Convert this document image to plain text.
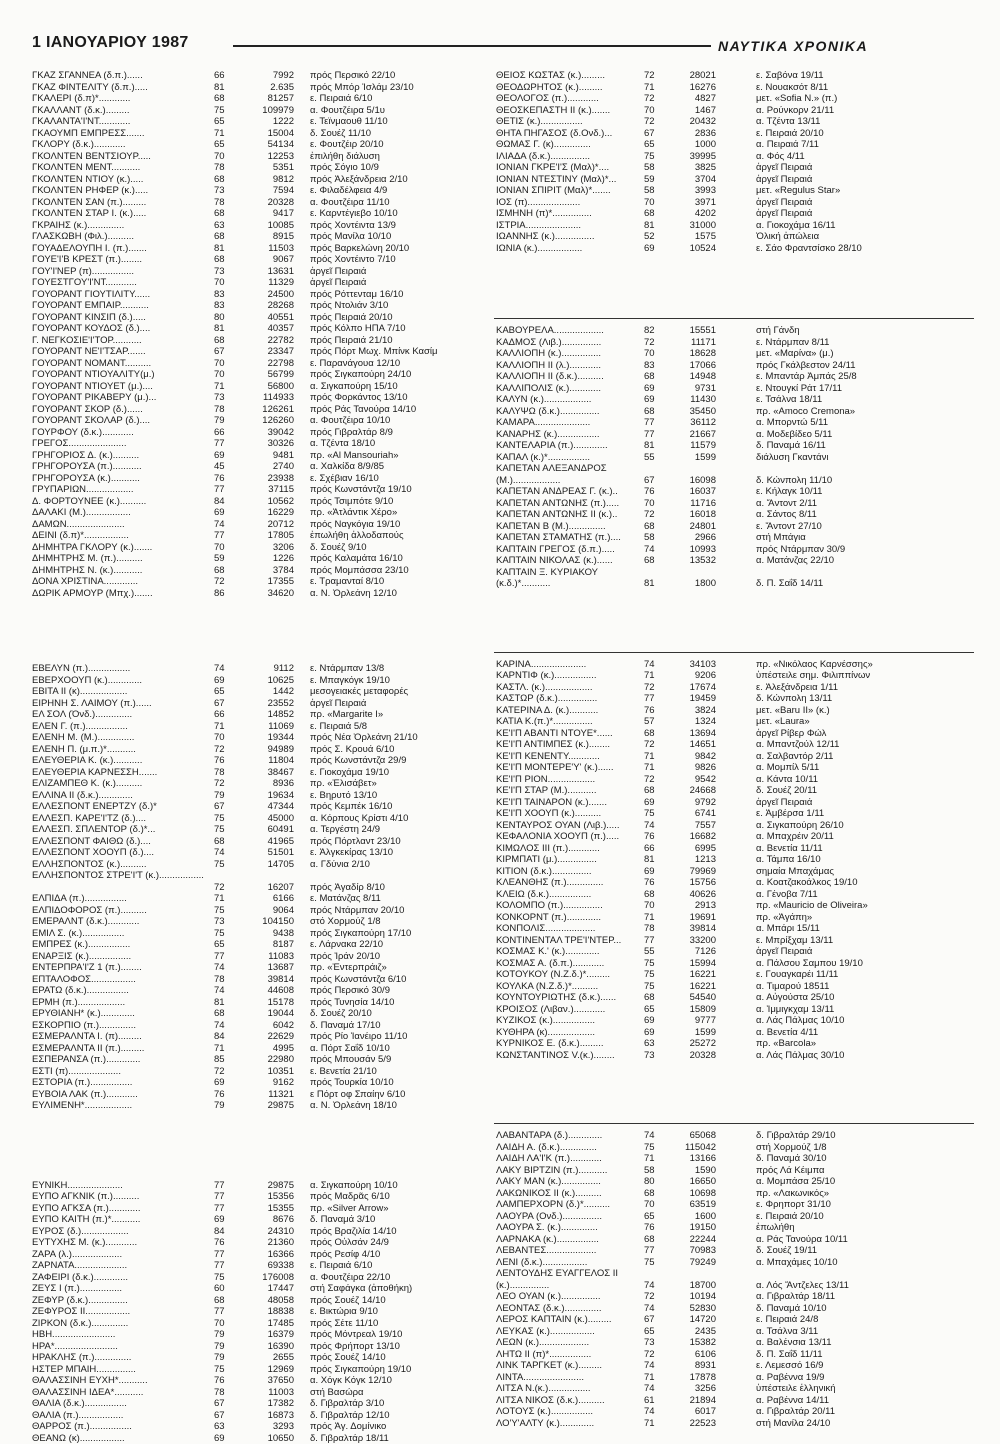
1 ΙΑΝΟΥΑΡΙΟΥ 1987	ΝΑΥΤΙΚΑ ΧΡΟΝΙΚΑ
ΓΚΑΖ ΣΓΑΝΝΕΑ (δ.π.)......	66	7992 πρός Περσικό 22/10
ΓΚΑΖ ΦΙΝΤΕΛΙΤΥ (δ.π.).....	81	2.635 πρός Μπόρ Ἰσλάμ 23/10
ΓΚΑΛΕΡΙ (δ.π)*............	68	81257 ε. Πειραιά 6/10
ΓΚΑΛΛΑΝΤ (δ.κ.).........	75	109979 α. Φουτζέιρα 5/1υ
ΓΚΑΛΑΝΤΑ'Ι'ΝΤ............	65	1222 ε. Τεϊνμαουθ 11/10
ΓΚΑΟΥΜΠ ΕΜΠΡΕΣΣ.......	71	15004 δ. Σουέζ 11/10
ΓΚΛΟΡΥ (δ.κ.)............	65	54134 ε. Φουτζέιρ 20/10
ΓΚΟΛΝΤΕΝ ΒΕΝΤΣΙΟΥΡ.....	70	12253 ἐπιλήθη διάλυση
ΓΚΟΛΝΤΕΝ ΜΕΝΤ...........	78	5351 πρός Σόγιο 10/9
ΓΚΟΛΝΤΕΝ ΝΤΙΟΥ (κ.).....	68	9812 πρός Ἀλεξάνδρεια 2/10
ΓΚΟΛΝΤΕΝ ΡΗΦΕΡ (κ.).....	73	7594 ε. Φιλαδέλφεια 4/9
ΓΚΟΛΝΤΕΝ ΣΑΝ (π.).........	78	20328 α. Φουτζέιρα 11/10
ΓΚΟΛΝΤΕΝ ΣΤΑΡ Ι. (κ.).....	68	9417 ε. Καρντέγιεβο 10/10
ΓΚΡΑΙΗΣ (κ.)..............	63	10085 πρός Χοντέιντα 13/9
ΓΛΑΣΚΩΒΗ (Φιλ.)..........	68	8915 πρός Μανίλα 10/10
ΓΟΥΑΔΕΛΟΥΠΗ Ι. (π.).......	81	11503 πρός Βαρκελώνη 20/10
ΓΟΥΕ'Ι'Β ΚΡΕΣΤ (π.)........	68	9067 πρός Χοντέιντο 7/10
ΓΟΥ'Ι'ΝΕΡ (π)................	73	13631 ἀργεῖ Πειραιά
ΓΟΥΕΣΤΓΟΥ'Ι'ΝΤ............	70	11329 ἀργεῖ Πειραιά
ΓΟΥΟΡΑΝΤ ΓΙΟΥΤΙΛΙΤΥ......	83	24500 πρός Ρόττενταμ 16/10
ΓΟΥΟΡΑΝΤ ΕΜΠΑΙΡ...........	83	28268 πρός Ντολιάν 3/10
ΓΟΥΟΡΑΝΤ ΚΙΝΣΙΠ (δ.).....	80	40551 πρός Πειραιά 20/10
ΓΟΥΟΡΑΝΤ ΚΟΥΔΟΣ (δ.)....	81	40357 πρός Κόλπο ΗΠΑ 7/10
Γ. ΝΕΓΚΟΣΙΕ'Ι'ΤΟΡ...........	68	22782 πρός Πειραιά 21/10
ΓΟΥΟΡΑΝΤ ΝΕ'Ι'ΤΣΑΡ.......	67	23347 πρός Πόρτ Μωχ. Μπίνκ Κασίμ
ΓΟΥΟΡΑΝΤ ΝΟΜΑΝΤ..........	70	22798 ε. Παρανάγουα 12/10
ΓΟΥΟΡΑΝΤ ΝΤΙΟΥΑΛΙΤΥ(μ.)	70	56799 πρός Σιγκαπούρη 24/10
ΓΟΥΟΡΑΝΤ ΝΤΙΟΥΕΤ (μ.)....	71	56800 α. Σιγκαπούρη 15/10
ΓΟΥΟΡΑΝΤ ΡΙΚΑΒΕΡΥ (μ.)...	73	114933 πρός Φορκάντος 13/10
ΓΟΥΟΡΑΝΤ ΣΚΟΡ (δ.)......	78	126261 πρός Ράς Τανούρα 14/10
ΓΟΥΟΡΑΝΤ ΣΚΟΛΑΡ (δ.)....	79	126260 α. Φουτζέιρα 10/10
ΓΟΥΡΦΟΥ (δ.κ.)............	66	39042 πρός Γιβραλτάρ 8/9
ΓΡΕΓΟΣ......................	77	30326 α. Τζέντα 18/10
ΓΡΗΓΟΡΙΟΣ Δ. (κ.)..........	69	9481 πρ. «Al Mansouriah»
ΓΡΗΓΟΡΟΥΣΑ (π.)...........	45	2740 α. Χαλκίδα 8/9/85
ΓΡΗΓΟΡΟΥΣΑ (κ.)...........	76	23938 ε. Σχέβιαν 16/10
ΓΡΥΠΑΡΙΩΝ..................	77	37115 πρός Κωνστάντζα 19/10
Δ. ΦΟΡΤΟΥΝΕΕ (κ.)..........	84	10562 πρός Τσιμπότε 9/10
ΔΑΛΑΚΙ (Μ.).................	69	16229 πρ. «Ἀτλάντικ Χέρο»
ΔΑΜΩΝ......................	74	20712 πρός Ναγκόγια 19/10
ΔΕΙΝΙ (δ.π)*.................	77	17805 ἐπωλήθη ἀλλοδαπούς
ΔΗΜΗΤΡΑ ΓΚΛΟΡΥ (κ.).......	70	3206 δ. Σουέζ 9/10
ΔΗΜΗΤΡΗΣ Μ. (π.)..........	59	1226 πρός Καλαμάτα 16/10
ΔΗΜΗΤΡΗΣ Ν. (κ.)...........	68	3784 πρός Μομπάσσα 23/10
ΔΟΝΑ ΧΡΙΣΤΙΝΑ.............	72	17355 ε. Τραμανταί 8/10
ΔΩΡΙΚ ΑΡΜΟΥΡ (Μπχ.).......	86	34620 α. Ν. Ὀρλεάνη 12/10
ΕΒΕΛΥΝ (π.)................	74	9112 ε. Ντάρμπαν 13/8
ΕΒΕΡΧΟΟΥΠ (κ.).............	69	10625 ε. Μπαγκόγκ 19/10
ΕΒΙΤΑ ΙΙ (κ)..................	65	1442 μεσογειακές μεταφορές
ΕΙΡΗΝΗ Σ. ΛΑΙΜΟΥ (π.)......	67	23552 ἀργεῖ Πειραιά
ΕΛ ΣΟΛ (Ὀνδ.)..............	66	14852 πρ. «Margarite I»
ΕΛΕΝ Γ. (π.)................	71	11069 ε. Πειραιά 5/8
ΕΛΕΝΗ Μ. (Μ.)..............	70	19344 πρός Νέα Ὀρλεάνη 21/10
ΕΛΕΝΗ Π. (μ.π.)*...........	72	94989 πρός Σ. Κρουά 6/10
ΕΛΕΥΘΕΡΙΑ Κ. (κ.)...........	76	11804 πρός Κωνστάντζα 29/9
ΕΛΕΥΘΕΡΙΑ ΚΑΡΝΕΣΣΗ.......	78	38467 ε. Γιοκοχάμα 19/10
ΕΛΙΖΑΜΠΕΘ Κ. (κ.)..........	72	8936 πρ. «Ἐλισάβετ»
ΕΛΛΙΝΑ ΙΙ (δ.κ.).............	79	19634 ε. Βηρυτό 13/10
ΕΛΛΕΣΠΟΝΤ ΕΝΕΡΤΖΥ (δ.)*	67	47344 πρός Κεμπέκ 16/10
ΕΛΛΕΣΠ. ΚΑΡΕ'Ι'ΤΖ (δ.)....	75	45000 α. Κόρπους Κρίστι 4/10
ΕΛΛΕΣΠ. ΣΠΛΕΝΤΟΡ (δ.)*...	75	60491 α. Τεργέστη 24/9
ΕΛΛΕΣΠΟΝΤ ΦΑΙΘΩ (δ.)....	68	41965 πρός Πόρτλαντ 23/10
ΕΛΛΕΣΠΟΝΤ ΧΟΟΥΠ (δ.)....	74	51501 ε. Ἀλγκεκίρας 13/10
ΕΛΛΗΣΠΟΝΤΟΣ (κ.)..........	75	14705 α. Γδύνια 2/10
ΕΛΛΗΣΠΟΝΤΟΣ ΣΤΡΕ'Ι'Τ (κ.).................
72	16207 πρός Ἀγαδίρ 8/10
ΕΛΠΙΔΑ (π.)................	71	6166 ε. Ματάνζας 8/11
ΕΛΠΙΔΟΦΟΡΟΣ (π.)..........	75	9064 πρός Ντάρμπαν 20/10
ΕΜΕΡΑΛΝΤ (δ.κ.)............	73	104150 στό Χορμούζ 1/8
ΕΜΙΛ Σ. (κ.)................	75	9438 πρός Σιγκαπούρη 17/10
ΕΜΠΡΕΣ (κ.)................	65	8187 ε. Λάρνακα 22/10
ΕΝΑΡΞΙΣ (κ.)................	77	11083 πρός Ἰράν 20/10
ΕΝΤΕΡΠΡΑ'Ι'Ζ 1 (π.)........	74	13687 πρ. «Ἐντερπράιζ»
ΕΠΤΑΛΟΦΟΣ.................	78	39814 πρός Κωνστάντζα 6/10
ΕΡΑΤΩ (δ.κ.)................	74	44608 πρός Περσικό 30/9
ΕΡΜΗ (π.)..................	81	15178 πρός Τυνησία 14/10
ΕΡΥΘΙΑΝΗ* (κ.).............	68	19044 δ. Σουέζ 20/10
ΕΣΚΟΡΠΙΟ (π.)..............	74	6042 δ. Παναμά 17/10
ΕΣΜΕΡΑΛΝΤΑ Ι. (π).........	84	22629 πρός Ρίο Ἰανέιρο 11/10
ΕΣΜΕΡΑΛΝΤΑ ΙΙ (π.).........	71	4995 α. Πόρτ Σαΐδ 10/10
ΕΣΠΕΡΑΝΣΑ (π.).............	85	22980 πρός Μπουσάν 5/9
ΕΣΤΙ (π)....................	72	10351 ε. Βενετία 21/10
ΕΣΤΟΡΙΑ (π.)................	69	9162 πρός Τουρκία 10/10
ΕΥΒΟΙΑ ΛΑΚ (π.)............	76	11321 ε Πόρτ οφ Σπαίην 6/10
ΕΥΛΙΜΕΝΗ*..................	79	29875 α. Ν. Ὀρλεάνη 18/10
ΕΥΝΙΚΗ.....................	77	29875 α. Σιγκαπούρη 10/10
ΕΥΠΟ ΑΓΚΝΙΚ (π.)..........	77	15356 πρός Μαδρᾶς 6/10
ΕΥΠΟ ΑΓΚΣΑ (π.)............	77	15355 πρ. «Silver Arrow»
ΕΥΠΟ ΚΑΙΤΗ (π.)*...........	69	8676 δ. Παναμά 3/10
ΕΥΡΟΣ (δ.)..................	84	24310 πρός Βραζιλία 14/10
ΕΥΤΥΧΗΣ Μ. (κ.)............	76	21360 πρός Οὐλσάν 24/9
ΖΑΡΑ (λ.)...................	77	16366 πρός Ρεσίφ 4/10
ΖΑΡΝΑΤΑ....................	77	69338 ε. Πειραιά 6/10
ΖΑΦΕΙΡΙ (δ.κ.).............	75	176008 α. Φουτζέιρα 22/10
ΖΕΥΣ Ι (π.)................	60	17447 στή Σαφάγκα (ἀποθήκη)
ΖΕΦΥΡ (δ.κ.)...............	68	48058 πρός Σουέζ 14/10
ΖΕΦΥΡΟΣ ΙΙ.................	77	18838 ε. Βικτώρια 9/10
ΖΙΡΚΟΝ (δ.κ.)..............	70	17485 πρός Σέτε 11/10
ΗΒΗ........................	79	16379 πρός Μόντρεαλ 19/10
ΗΡΑ*........................	79	16390 πρός Φρήπορτ 13/10
ΗΡΑΚΛΗΣ (π.)..............	79	2655 πρός Σουέζ 14/10
ΗΣΤΕΡ ΜΠΑΙΗ...............	75	12969 πρός Σιγκαπούρη 19/10
ΘΑΛΑΣΣΙΝΗ ΕΥΧΗ*...........	76	37650 α. Χόγκ Κόγκ 12/10
ΘΑΛΑΣΣΙΝΗ ΙΔΕΑ*...........	78	11003 στή Βασώρα
ΘΑΛΙΑ (δ.κ.)................	67	17382 δ. Γιβραλτάρ 3/10
ΘΑΛΙΑ (π.).................	67	16873 δ. Γιβραλτάρ 12/10
ΘΑΡΡΟΣ (π.)................	63	3293 πρός Ἁγ. Δομίνικο
ΘΕΑΝΩ (κ).................	69	10650 δ. Γιβραλτάρ 18/11
ΘΕΙΟΣ ΚΩΣΤΑΣ (κ.).........	72	28021	ε. Σαβόνα 19/11
ΘΕΟΔΩΡΗΤΟΣ (κ.).........	71	16276	ε. Νουακσότ 8/11
ΘΕΟΛΟΓΟΣ (π.)............	72	4827	μετ. «Sofia N.» (π.)
ΘΕΟΣΚΕΠΑΣΤΗ ΙΙ (κ.).......	70	1467	α. Ρούνκορν 21/11
ΘΕΤΙΣ (κ.)................	72	20432	α. Τζέντα 13/11
ΘΗΤΑ ΠΗΓΑΣΟΣ (δ.Ονδ.)...	67	2836	ε. Πειραιά 20/10
ΘΩΜΑΣ Γ. (κ)..............	65	1000	α. Πειραιά 7/11
ΙΛΙΑΔΑ (δ.κ.)...............	75	39995	α. Φός 4/11
ΙΟΝΙΑΝ ΓΚΡΕ'Ι'Σ (Μαλ)*....	58	3825	ἀργεῖ Πειραιά
ΙΟΝΙΑΝ ΝΤΕΣΤΙΝΥ (Μαλ)*...	59	3704	ἀργεῖ Πειραιά
ΙΟΝΙΑΝ ΣΠΙΡΙΤ (Μαλ)*.......	58	3993	μετ. «Regulus Star»
ΙΟΣ (π)....................	70	3971	ἀργεῖ Πειραιά
ΙΣΜΗΝΗ (π)*...............	68	4202	ἀργεῖ Πειραιά
ΙΣΤΡΙΑ.....................	81	31000	α. Γιοκοχάμα 16/11
ΙΩΑΝΝΗΣ (κ.)...............	52	1575	Ὁλική ἀπώλεια
ΙΩΝΙΑ (κ.).................	69	10524	ε. Σάο Φραντσίσκο 28/10
ΚΑΒΟΥΡΕΛΑ...................	82	15551	στή Γάνδη
ΚΑΔΜΟΣ (Λιβ.)...............	72	11171	ε. Ντάρμπαν 8/11
ΚΑΛΛΙΟΠΗ (κ.)...............	70	18628	μετ. «Μαρίνα» (μ.)
ΚΑΛΛΙΟΠΗ ΙΙ (λ.)............	83	17066	πρός Γκάλβεστον 24/11
ΚΑΛΛΙΟΠΗ ΙΙ (δ.κ.)..........	68	14948	ε. Μπαντάρ Ἀμπάς 25/8
ΚΑΛΛΙΠΟΛΙΣ (κ.)............	69	9731	ε. Ντουγκί Ράτ 17/11
ΚΑΛΥΝ (κ.)..................	69	11430	ε. Τσάλνα 18/11
ΚΑΛΥΨΩ (δ.κ.)...............	68	35450	πρ. «Amoco Cremona»
ΚΑΜΑΡΑ.....................	77	36112	α. Μπορντώ 5/11
ΚΑΝΑΡΗΣ (κ.)................	77	21667	α. Μοδεβίδεο 5/11
ΚΑΝΤΕΛΑΡΙΑ (π.).............	81	11579	δ. Παναμά 16/11
ΚΑΠΑΛ (κ.)*................	55	1599	διάλυση Γκαντάνι
ΚΑΠΕΤΑΝ ΑΛΕΞΑΝΔΡΟΣ (Μ.)..................	67	16098	δ. Κώνπολη 11/10
ΚΑΠΕΤΑΝ ΑΝΔΡΕΑΣ Γ. (κ.)..	76	16037	ε. Κήλαγκ 10/11
ΚΑΠΕΤΑΝ ΑΝΤΩΝΗΣ (π.).....	70	11716	α. Ἄντοντ 2/11
ΚΑΠΕΤΑΝ ΑΝΤΩΝΗΣ ΙΙ (κ.)..	72	16018	α. Σάντος 8/11
ΚΑΠΕΤΑΝ Β (Μ.)..............	68	24801	ε. Ἄντοντ 27/10
ΚΑΠΕΤΑΝ ΣΤΑΜΑΤΗΣ (π.)....	58	2966	στή Μπάγια
ΚΑΠΤΑΙΝ ΓΡΕΓΟΣ (δ.π.).....	74	10993	πρός Ντάρμπαν 30/9
ΚΑΠΤΑΙΝ ΝΙΚΟΛΑΣ (κ.)......	68	13532	α. Ματάνζας 22/10
ΚΑΠΤΑΙΝ Ξ. ΚΥΡΙΑΚΟΥ (κ.δ.)*...........	81	1800	δ. Π. Σαΐδ 14/11
ΚΑΡΙΝΑ.....................	74	34103	πρ. «Νικόλαος Καρνέσσης»
ΚΑΡΝΤΙΦ (κ.)................	71	9206	ὑπέστειλε σημ. Φιλιππίνων
ΚΑΣΤΛ. (κ.)..................	72	17674	ε. Ἀλεξάνδρεια 1/11
ΚΑΣΤΩΡ (δ.κ.)...............	77	19459	δ. Κώνπολη 13/11
ΚΑΤΕΡΙΝΑ Δ. (κ.)...........	76	3824	μετ. «Baru II» (κ.)
ΚΑΤΙΑ Κ.(π.)*...............	57	1324	μετ. «Laura»
ΚΕ'Ι'Π ΑΒΑΝΤΙ ΝΤΟΥΕ*......	68	13694	ἀργεῖ Ρίβερ Φώλ
ΚΕ'Ι'Π ΑΝΤΙΜΠΕΣ (κ.)........	72	14651	α. Μπαντζούλ 12/11
ΚΕ'Ι'Π ΚΕΝΕΝΤΥ............	71	9842	α. Σαλβαντόρ 2/11
ΚΕ'Ι'Π ΜΟΝΤΕΡΕ'Υ' (κ.)......	71	9826	α. Μομπίλ 5/11
ΚΕ'Ι'Π ΡΙΟΝ..................	72	9542	α. Κάντα 10/11
ΚΕ'Ι'Π ΣΤΑΡ (Μ.)...........	68	24668	δ. Σουέζ 20/11
ΚΕ'Ι'Π ΤΑΙΝΑΡΟΝ (κ.).......	69	9792	ἀργεῖ Πειραιά
ΚΕ'Ι'Π ΧΟΟΥΠ (κ.)..........	75	6741	ε. Ἀμβέρσα 1/11
ΚΕΝΤΑΥΡΟΣ ΟΥΑΝ (Λιβ.).....	74	7557	α. Σιγκαπούρη 26/10
ΚΕΦΑΛΟΝΙΑ ΧΟΟΥΠ (π.).....	76	16682	α. Μπαχρέιν 20/11
ΚΙΜΩΛΟΣ ΙΙΙ (π.)............	66	6995	α. Βενετία 11/11
ΚΙΡΜΠΑΤΙ (μ.)...............	81	1213	α. Τάμπα 16/10
ΚΙΤΙΟΝ (δ.κ.)...............	69	79969	σημαία Μπαχάμας
ΚΛΕΑΝΘΗΣ (π.)..............	76	15756	α. Κοατζακοάλκος 19/10
ΚΛΕΙΩ (δ.κ.)................	68	40626	α. Γένοβα 7/11
ΚΟΛΟΜΠΟ (π.)...............	70	2913	πρ. «Mauricio de Oliveira»
ΚΟΝΚΟΡΝΤ (π.).............	71	19691	πρ. «Ἀγάπη»
ΚΟΝΠΟΛΙΣ...................	78	39814	α. Μπάρι 15/11
ΚΟΝΤΙΝΕΝΤΑΛ ΤΡΕ'Ι'ΝΤΕΡ...	77	33200	ε. Μπρίξχαμ 13/11
ΚΟΣΜΑΣ Κ.' (κ.).............	55	7126	ἀργεῖ Πειραιά
ΚΟΣΜΑΣ Α. (δ.π.)............	75	15994	α. Πάλσου Σαμπου 19/10
ΚΟΤΟΥΚΟΥ (Ν.Ζ.δ.)*.........	75	16221	ε. Γουαγκαρέι 11/11
ΚΟΥΛΚΑ (Ν.Ζ.δ.)*..........	75	16221	α. Τιμαρού 18511
ΚΟΥΝΤΟΥΡΙΩΤΗΣ (δ.κ.)......	68	54540	α. Αὐγούστα 25/10
ΚΡΟΙΣΟΣ (Λιβαν.)............	65	15809	α. Ἰμμιγκχαμ 13/11
ΚΥΖΙΚΟΣ (κ.)................	69	9777	α. Λάς Πάλμας 10/10
ΚΥΘΗΡΑ (κ)..................	69	1599	α. Βενετία 4/11
ΚΥΡΝΙΚΟΣ Ε. (δ.κ.).........	63	25272	πρ. «Barcola»
ΚΩΝΣΤΑΝΤΙΝΟΣ V.(κ.)........	73	20328	α. Λάς Πάλμας 30/10
ΛΑΒΑΝΤΑΡΑ (δ.).............	74	65068	δ. Γιβραλτάρ 29/10
ΛΑΙΔΗ Α. (δ.κ.)..............	75	115042	στή Χορμούζ 1/8
ΛΑΙΔΗ ΛΑ'Ι'Κ (π.)............	71	13166	δ. Παναμά 30/10
ΛΑΚΥ ΒΙΡΤΖΙΝ (π.)...........	58	1590	πρός Λά Κέιμπα
ΛΑΚΥ ΜΑΝ (κ.)...............	80	16650	α. Μομπάσα 25/10
ΛΑΚΩΝΙΚΟΣ ΙΙ (κ.)..........	68	10698	πρ. «Λακωνικός»
ΛΑΜΠΕΡΧΟΡΝ (δ.)*..........	70	63519	ε. Φρηπορτ 31/10
ΛΑΟΥΡΑ (Ονδ.)...............	65	1600	ε. Πειραιά 20/10
ΛΑΟΥΡΑ Σ. (κ.)..............	76	19150	ἐπωλήθη
ΛΑΡΝΑΚΑ (κ.)................	68	22244	α. Ράς Τανούρα 10/11
ΛΕΒΑΝΤΕΣ...................	77	70983	δ. Σουέζ 19/11
ΛΕΝΙ (δ.κ.).................	75	79249	α. Μπαχάμες 10/10
ΛΕΝΤΟΥΔΗΣ ΕΥΑΓΓΕΛΟΣ ΙΙ (κ.)...............	74	18700	α. Λός Ἄντζελες 13/11
ΛΕΟ ΟΥΑΝ (κ.)...............	72	10194	α. Γιβραλτάρ 18/11
ΛΕΟΝΤΑΣ (δ.κ.)..............	74	52830	δ. Παναμά 10/10
ΛΕΡΟΣ ΚΑΠΤΑΙΝ (κ.).........	67	14720	ε. Πειραιά 24/8
ΛΕΥΚΑΣ (κ.).................	65	2435	α. Τσάλνα 3/11
ΛΕΩΝ (κ.)...................	73	15382	α. Βαλένσια 13/11
ΛΗΤΩ ΙΙ (π)*................	72	6106	δ. Π. Σαΐδ 11/11
ΛΙΝΚ ΤΑΡΓΚΕΤ (κ.).........	74	8931	ε. Λεμεσσό 16/9
ΛΙΝΤΑ.......................	71	17878	α. Ραβέννα 19/9
ΛΙΤΣΑ Ν.(κ.)................	74	3256	ὑπέστειλε ἑλληνική
ΛΙΤΣΑ ΝΙΚΟΣ (δ.κ.)..........	61	21894	α. Ραβέννα 14/11
ΛΟΤΟΥΣ (κ.)................	74	6017	α. Γιβραλτάρ 20/11
ΛΟ'Υ'ΑΛΤΥ (κ.).............	71	22523	στή Μανίλα 24/10
